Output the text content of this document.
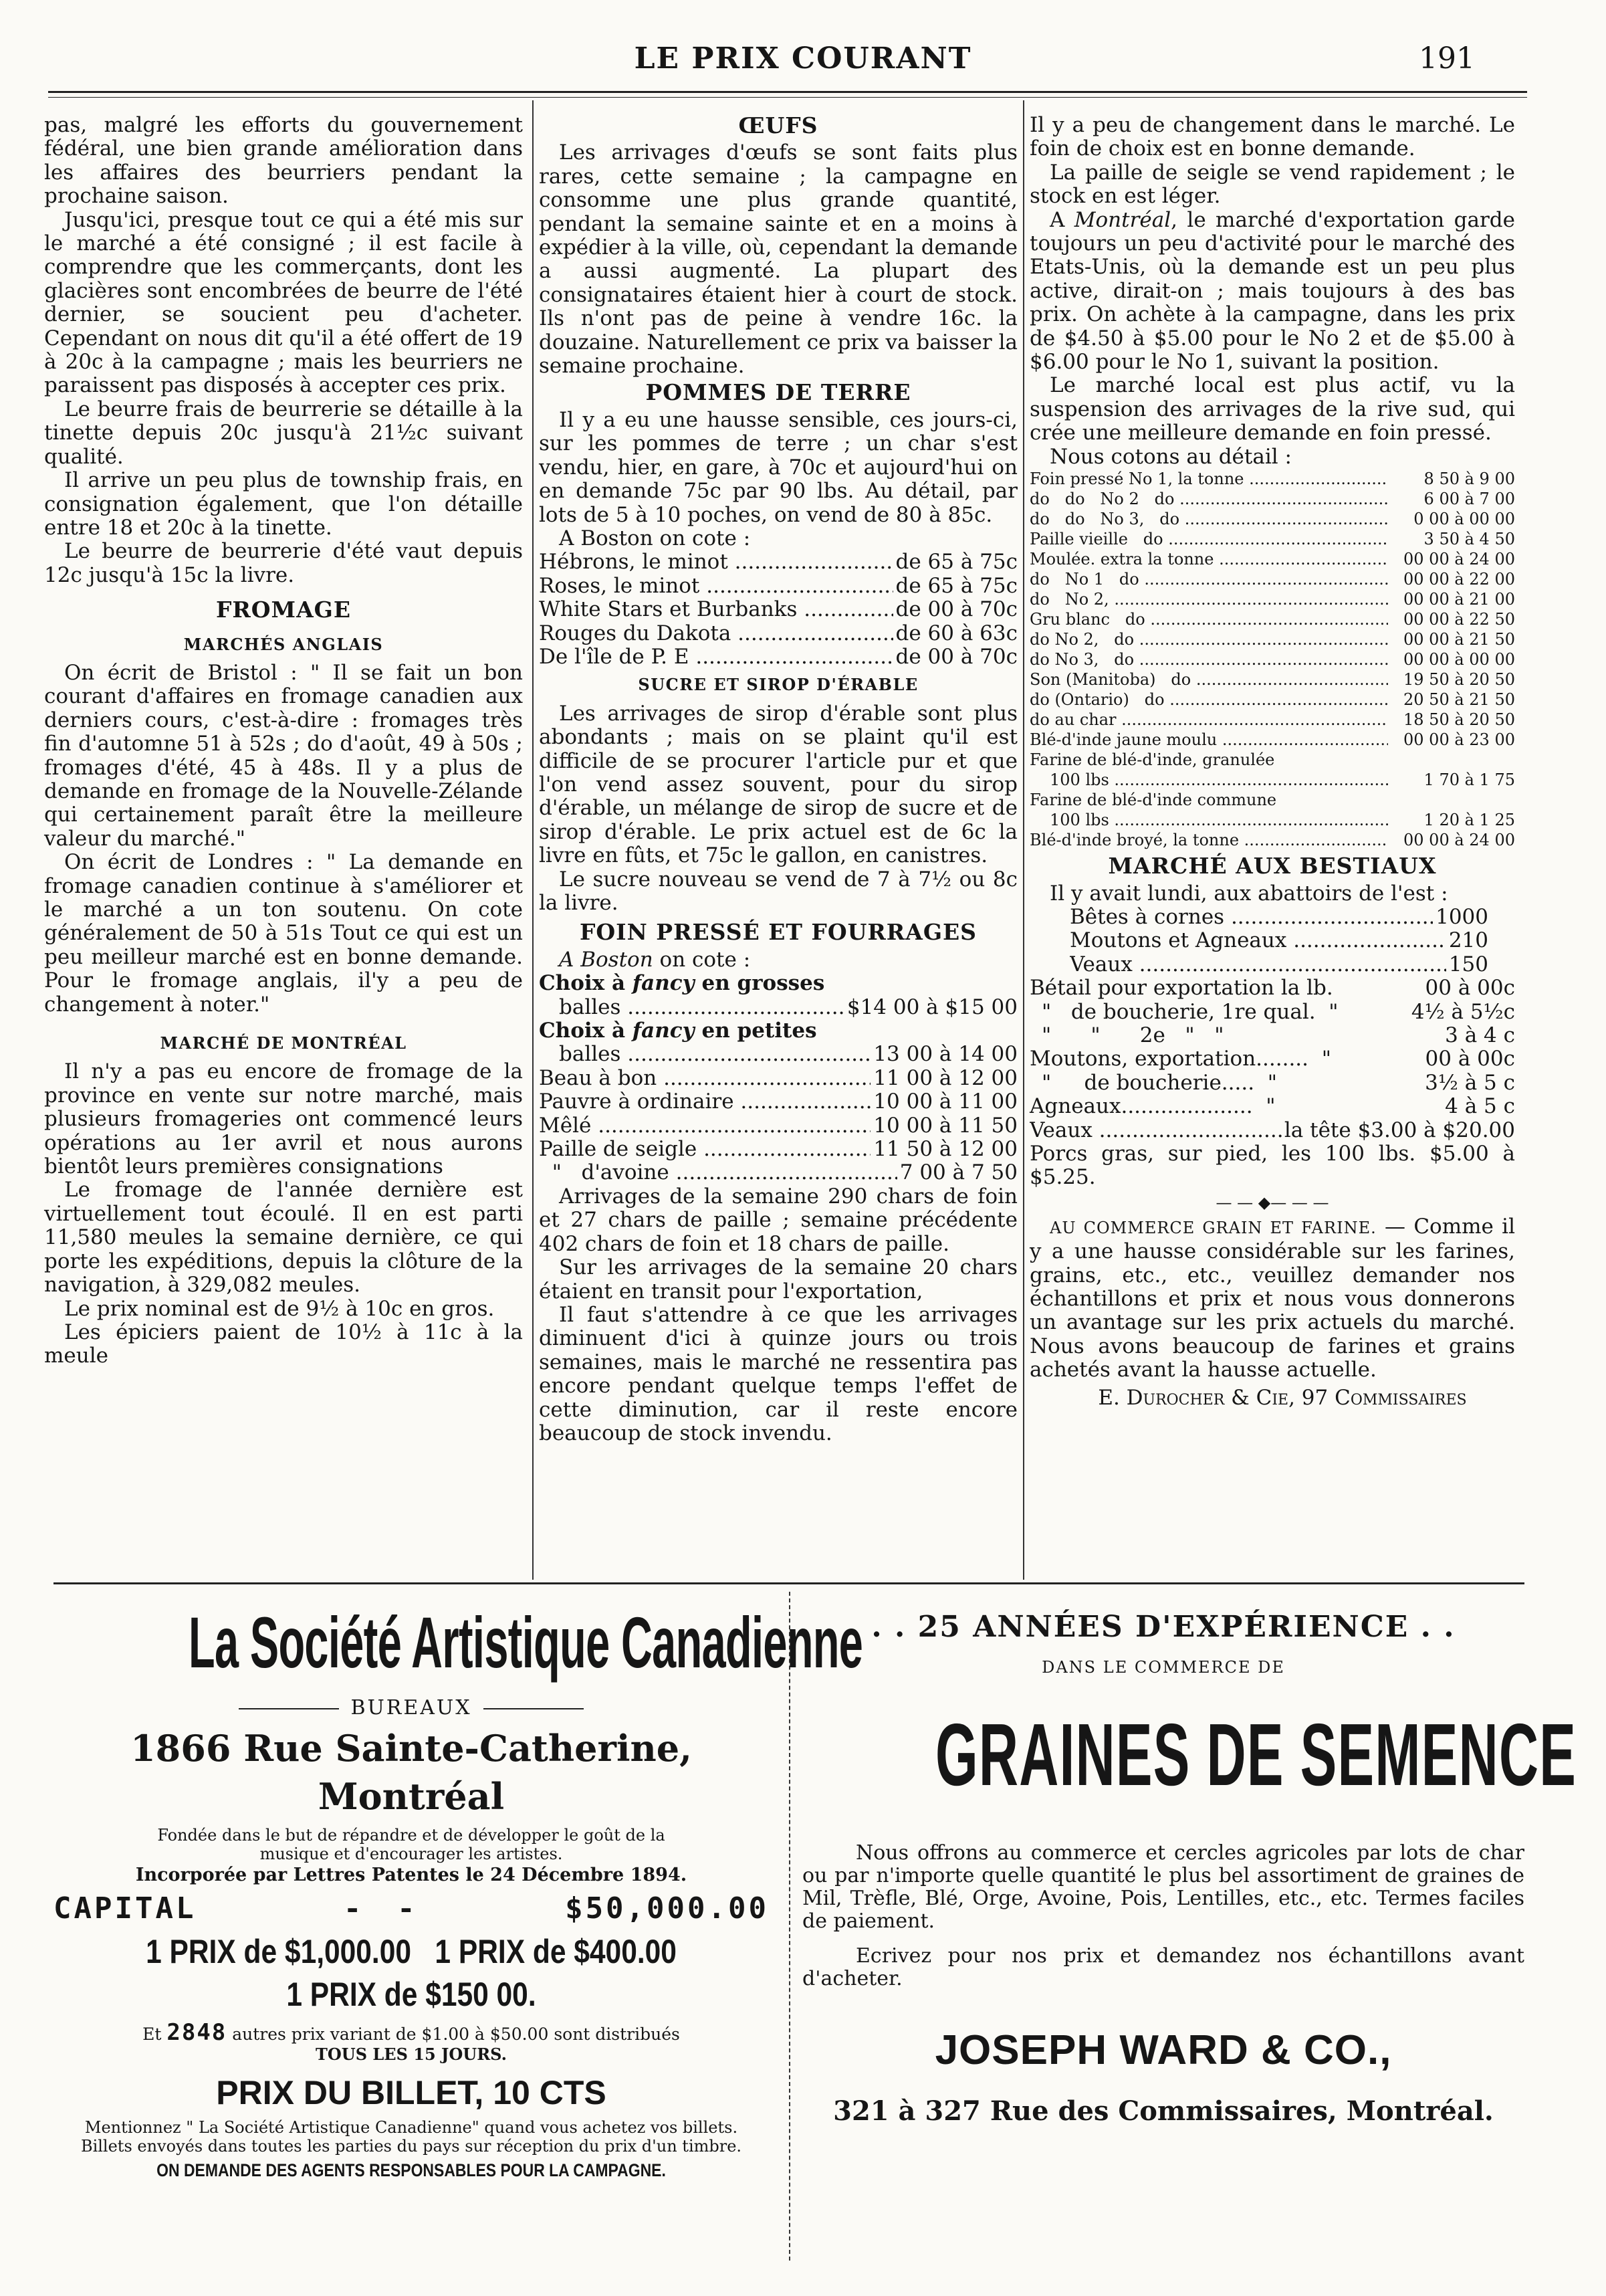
LE PRIX COURANT	191

pas, malgré les efforts du gouvernement fédéral, une bien grande amélioration dans les affaires des beurriers pendant la prochaine saison.

Jusqu'ici, presque tout ce qui a été mis sur le marché a été consigné ; il est facile à comprendre que les commerçants, dont les glacières sont encombrées de beurre de l'été dernier, se soucient peu d'acheter. Cependant on nous dit qu'il a été offert de 19 à 20c à la campagne ; mais les beurriers ne paraissent pas disposés à accepter ces prix.

Le beurre frais de beurrerie se détaille à la tinette depuis 20c jusqu'à 21½c suivant qualité.

Il arrive un peu plus de township frais, en consignation également, que l'on détaille entre 18 et 20c à la tinette.

Le beurre de beurrerie d'été vaut depuis 12c jusqu'à 15c la livre.

FROMAGE
MARCHÉS ANGLAIS

On écrit de Bristol : " Il se fait un bon courant d'affaires en fromage canadien aux derniers cours, c'est-à-dire : fromages très fin d'automne 51 à 52s ; do d'août, 49 à 50s ; fromages d'été, 45 à 48s. Il y a plus de demande en fromage de la Nouvelle-Zélande qui certainement paraît être la meilleure valeur du marché."

On écrit de Londres : " La demande en fromage canadien continue à s'améliorer et le marché a un ton soutenu. On cote généralement de 50 à 51s Tout ce qui est un peu meilleur marché est en bonne demande. Pour le fromage anglais, il'y a peu de changement à noter."

MARCHÉ DE MONTRÉAL

Il n'y a pas eu encore de fromage de la province en vente sur notre marché, mais plusieurs fromageries ont commencé leurs opérations au 1er avril et nous aurons bientôt leurs premières consignations

Le fromage de l'année dernière est virtuellement tout écoulé. Il en est parti 11,580 meules la semaine dernière, ce qui porte les expéditions, depuis la clôture de la navigation, à 329,082 meules.

Le prix nominal est de 9½ à 10c en gros.

Les épiciers paient de 10½ à 11c à la meule

ŒUFS

Les arrivages d'œufs se sont faits plus rares, cette semaine ; la campagne en consomme une plus grande quantité, pendant la semaine sainte et en a moins à expédier à la ville, où, cependant la demande a aussi augmenté. La plupart des consignataires étaient hier à court de stock. Ils n'ont pas de peine à vendre 16c. la douzaine. Naturellement ce prix va baisser la semaine prochaine.

POMMES DE TERRE

Il y a eu une hausse sensible, ces jours-ci, sur les pommes de terre ; un char s'est vendu, hier, en gare, à 70c et aujourd'hui on en demande 75c par 90 lbs. Au détail, par lots de 5 à 10 poches, on vend de 80 à 85c.

A Boston on cote :

Hébrons, le minot .....	de 65 à 75c
Roses, le minot .....	de 65 à 75c
White Stars et Burbanks .....	de 00 à 70c
Rouges du Dakota .....	de 60 à 63c
De l'île de P. E .....	de 00 à 70c
SUCRE ET SIROP D'ÉRABLE

Les arrivages de sirop d'érable sont plus abondants ; mais on se plaint qu'il est difficile de se procurer l'article pur et que l'on vend assez souvent, pour du sirop d'érable, un mélange de sirop de sucre et de sirop d'érable. Le prix actuel est de 6c la livre en fûts, et 75c le gallon, en canistres.

Le sucre nouveau se vend de 7 à 7½ ou 8c la livre.

FOIN PRESSÉ ET FOURRAGES

A Boston on cote :

Choix à fancy en grosses
balles .....	$14 00 à $15 00
Choix à fancy en petites
balles .....	13 00 à 14 00
Beau à bon .....	11 00 à 12 00
Pauvre à ordinaire .....	10 00 à 11 00
Mêlé .....	10 00 à 11 50
Paille de seigle .....	11 50 à 12 00
"   d'avoine .....	7 00 à 7 50

Arrivages de la semaine 290 chars de foin et 27 chars de paille ; semaine précédente 402 chars de foin et 18 chars de paille.

Sur les arrivages de la semaine 20 chars étaient en transit pour l'exportation,

Il faut s'attendre à ce que les arrivages diminuent d'ici à quinze jours ou trois semaines, mais le marché ne ressentira pas encore pendant quelque temps l'effet de cette diminution, car il reste encore beaucoup de stock invendu.

Il y a peu de changement dans le marché. Le foin de choix est en bonne demande.

La paille de seigle se vend rapidement ; le stock en est léger.

A Montréal, le marché d'exportation garde toujours un peu d'activité pour le marché des Etats-Unis, où la demande est un peu plus active, dirait-on ; mais toujours à des bas prix. On achète à la campagne, dans les prix de $4.50 à $5.00 pour le No 2 et de $5.00 à $6.00 pour le No 1, suivant la position.

Le marché local est plus actif, vu la suspension des arrivages de la rive sud, qui crée une meilleure demande en foin pressé.

Nous cotons au détail :

Foin pressé No 1, la tonne .....	8 50 à 9 00
do   do   No 2   do .....	6 00 à 7 00
do   do   No 3,   do .....	0 00 à 00 00
Paille vieille   do .....	3 50 à 4 50
Moulée. extra la tonne .....	00 00 à 24 00
do   No 1   do .....	00 00 à 22 00
do   No 2, .....	00 00 à 21 00
Gru blanc   do .....	00 00 à 22 50
do No 2,   do .....	00 00 à 21 50
do No 3,   do .....	00 00 à 00 00
Son (Manitoba)   do .....	19 50 à 20 50
do (Ontario)   do .....	20 50 à 21 50
do au char .....	18 50 à 20 50
Blé-d'inde jaune moulu .....	00 00 à 23 00
Farine de blé-d'inde, granulée
100 lbs .....	1 70 à 1 75
Farine de blé-d'inde commune
100 lbs .....	1 20 à 1 25
Blé-d'inde broyé, la tonne .....	00 00 à 24 00
MARCHÉ AUX BESTIAUX

Il y avait lundi, aux abattoirs de l'est :

Bêtes à cornes .....	1000
Moutons et Agneaux .....	210
Veaux .....	150
Bétail pour exportation la lb.	00 à 00c
"   de boucherie, 1re qual.  "	4½ à 5½c
"      "      2e   "   "	3 à 4 c
Moutons, exportation........  "	00 à 00c
"     de boucherie.....  "	3½ à 5 c
Agneaux....................  "	4 à 5 c
Veaux .....	la tête $3.00 à $20.00

Porcs gras, sur pied, les 100 lbs. $5.00 à $5.25.

— — ◆— — —

AU COMMERCE GRAIN ET FARINE. — Comme il y a une hausse considérable sur les farines, grains, etc., etc., veuillez demander nos échantillons et prix et nous vous donnerons un avantage sur les prix actuels du marché. Nous avons beaucoup de farines et grains achetés avant la hausse actuelle.

E. Durocher & Cie, 97 Commissaires

La Société Artistique Canadienne
BUREAUX
1866 Rue Sainte-Catherine, Montréal
Fondée dans le but de répandre et de développer le goût de la musique et d'encourager les artistes.
Incorporée par Lettres Patentes le 24 Décembre 1894.
CAPITAL	-   -	$50,000.00
1 PRIX de $1,000.00 1 PRIX de $400.00
1 PRIX de $150 00.
Et 2848 autres prix variant de $1.00 à $50.00 sont distribués
TOUS LES 15 JOURS.
PRIX DU BILLET, 10 CTS
Mentionnez " La Société Artistique Canadienne" quand vous achetez vos billets. Billets envoyés dans toutes les parties du pays sur réception du prix d'un timbre.
ON DEMANDE DES AGENTS RESPONSABLES POUR LA CAMPAGNE.
. . 25 ANNÉES D'EXPÉRIENCE . .
DANS LE COMMERCE DE
GRAINES DE SEMENCE
Nous offrons au commerce et cercles agricoles par lots de char ou par n'importe quelle quantité le plus bel assortiment de graines de Mil, Trèfle, Blé, Orge, Avoine, Pois, Lentilles, etc., etc. Termes faciles de paiement.
Ecrivez pour nos prix et demandez nos échantillons avant d'acheter.
JOSEPH WARD & CO.,
321 à 327 Rue des Commissaires, Montréal.
